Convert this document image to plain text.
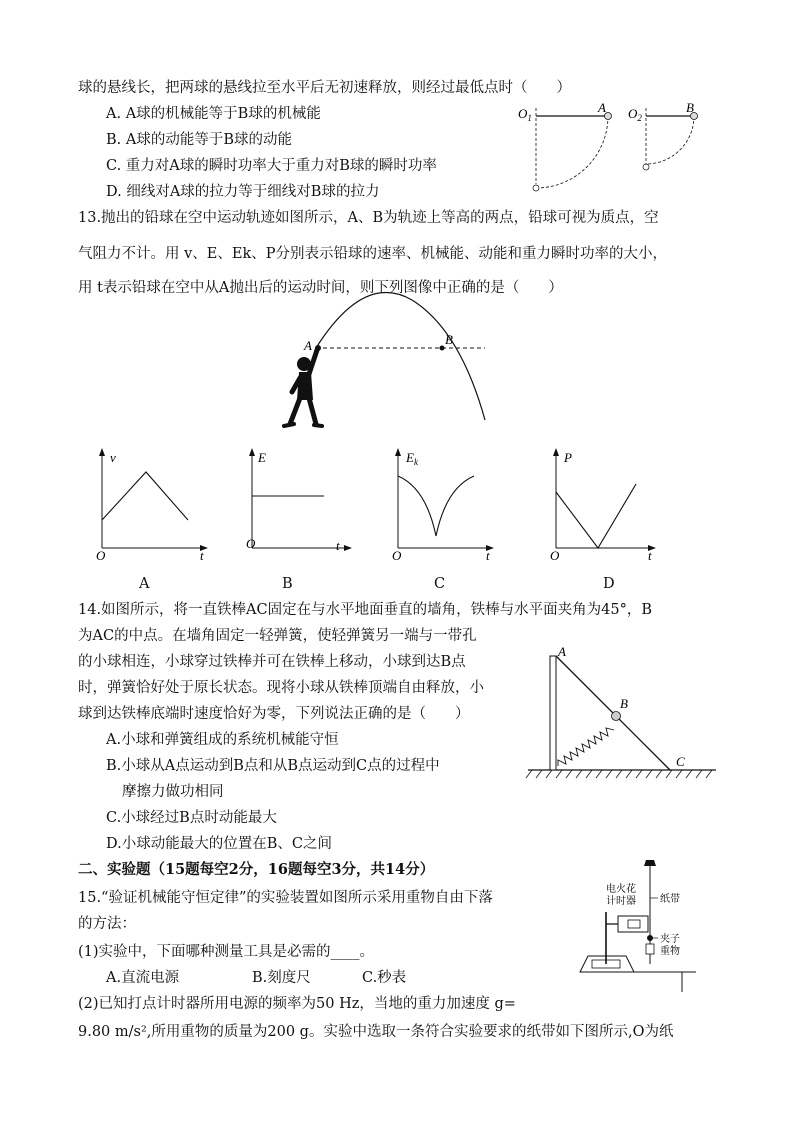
球的悬线长，把两球的悬线拉至水平后无初速释放，则经过最低点时（　　）
A. A球的机械能等于B球的机械能
B. A球的动能等于B球的动能
C. 重力对A球的瞬时功率大于重力对B球的瞬时功率
D. 细线对A球的拉力等于细线对B球的拉力
$O_1$
A $O_2$
B
13.抛出的铅球在空中运动轨迹如图所示，A、B为轨迹上等高的两点，铅球可视为质点，空
气阻力不计。用 v、E、Ek、P分别表示铅球的速率、机械能、动能和重力瞬时功率的大小，
用 t表示铅球在空中从A抛出后的运动时间，则下列图像中正确的是（　　）
A	B
v
t
O
A
E
t
O
B
$E_k$
t
O
C
P
t
O
D
14.如图所示，将一直铁棒AC固定在与水平地面垂直的墙角，铁棒与水平面夹角为45°，B
为AC的中点。在墙角固定一轻弹簧，使轻弹簧另一端与一带孔
的小球相连，小球穿过铁棒并可在铁棒上移动，小球到达B点
时，弹簧恰好处于原长状态。现将小球从铁棒顶端自由释放，小
球到达铁棒底端时速度恰好为零，下列说法正确的是（　　）
A.小球和弹簧组成的系统机械能守恒
B.小球从A点运动到B点和从B点运动到C点的过程中
摩擦力做功相同
C.小球经过B点时动能最大
D.小球动能最大的位置在B、C之间
A
B
C
二、实验题（15题每空2分，16题每空3分，共14分）
15.“验证机械能守恒定律”的实验装置如图所示采用重物自由下落
的方法：
(1)实验中，下面哪种测量工具是必需的____。
A.直流电源	B.刻度尺	C.秒表
(2)已知打点计时器所用电源的频率为50 Hz，当地的重力加速度 g=
9.80 m/s²,所用重物的质量为200 g。实验中选取一条符合实验要求的纸带如下图所示,O为纸
电火花
计时器 纸带
夹子
重物
